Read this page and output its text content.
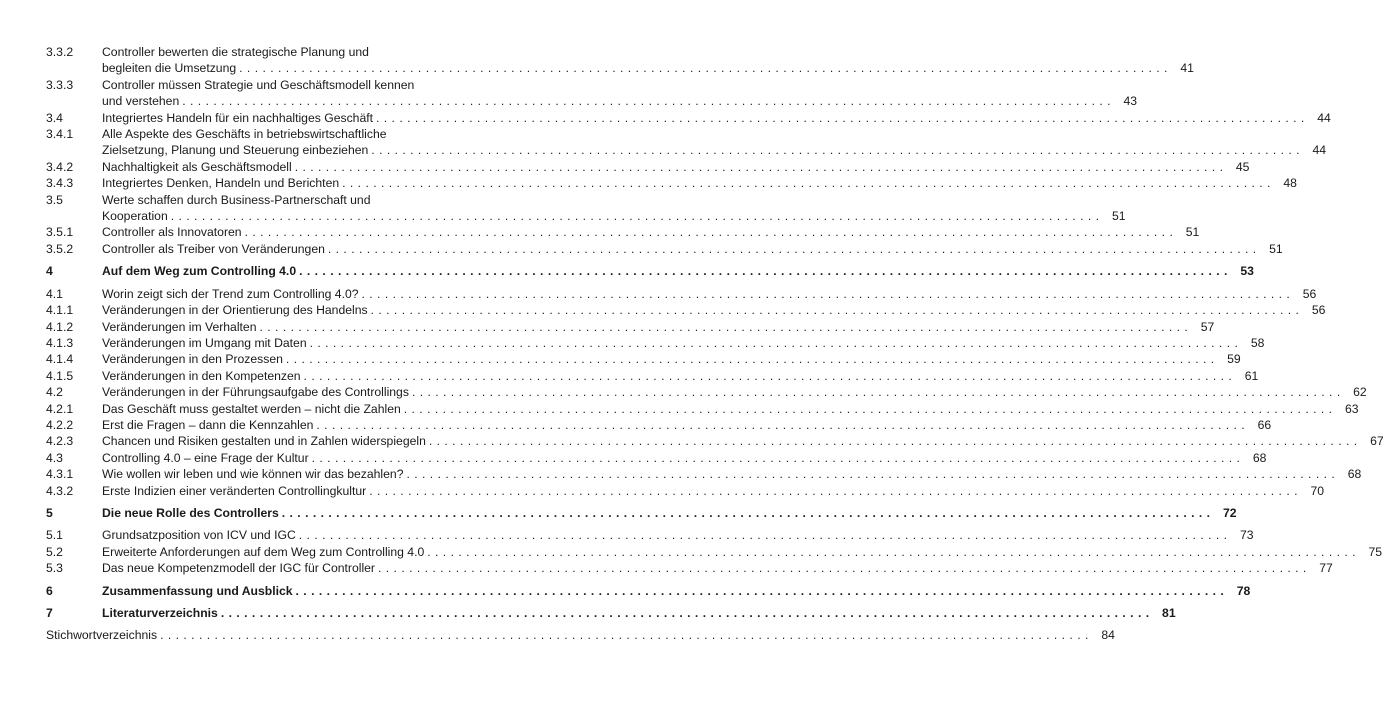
3.3.2 Controller bewerten die strategische Planung und
begleiten die Umsetzung . . . . . . . . . . . . . . . . . . . . . . . . . . . . . . . . . . . . . . . . . . . . . . . . . . . . . . . . . . . . . . . . . . . . . . . . . . . . . . . . . . . . . . . . . . . . . . . . . . . . . . . . . . . . . . . . . . . . . . . .	41
3.3.3 Controller müssen Strategie und Geschäftsmodell kennen
und verstehen . . . . . . . . . . . . . . . . . . . . . . . . . . . . . . . . . . . . . . . . . . . . . . . . . . . . . . . . . . . . . . . . . . . . . . . . . . . . . . . . . . . . . . . . . . . . . . . . . . . . . . . . . . . . . . . . . . . . . . . .	43
3.4	Integriertes Handeln für ein nachhaltiges Geschäft . . . . . . . . . . . . . . . . . . . . . . . . . . . . . . . . . . . . . . . . . . . . . . . . . . . . . . . . . . . . . . . . . . . . . . . . . . . . . . . . . . . . . . . . . . . . . . . . . . . . . . . . . . . . . . . . . . . . . . . .	44
3.4.1 Alle Aspekte des Geschäfts in betriebswirtschaftliche
Zielsetzung, Planung und Steuerung einbeziehen . . . . . . . . . . . . . . . . . . . . . . . . . . . . . . . . . . . . . . . . . . . . . . . . . . . . . . . . . . . . . . . . . . . . . . . . . . . . . . . . . . . . . . . . . . . . . . . . . . . . . . . . . . . . . . . . . . . . . . . .	44
3.4.2 Nachhaltigkeit als Geschäftsmodell . . . . . . . . . . . . . . . . . . . . . . . . . . . . . . . . . . . . . . . . . . . . . . . . . . . . . . . . . . . . . . . . . . . . . . . . . . . . . . . . . . . . . . . . . . . . . . . . . . . . . . . . . . . . . . . . . . . . . . . .	45
3.4.3 Integriertes Denken, Handeln und Berichten . . . . . . . . . . . . . . . . . . . . . . . . . . . . . . . . . . . . . . . . . . . . . . . . . . . . . . . . . . . . . . . . . . . . . . . . . . . . . . . . . . . . . . . . . . . . . . . . . . . . . . . . . . . . . . . . . . . . . . . .	48
3.5	Werte schaffen durch Business-Partnerschaft und
Kooperation . . . . . . . . . . . . . . . . . . . . . . . . . . . . . . . . . . . . . . . . . . . . . . . . . . . . . . . . . . . . . . . . . . . . . . . . . . . . . . . . . . . . . . . . . . . . . . . . . . . . . . . . . . . . . . . . . . . . . . . .	51
3.5.1 Controller als Innovatoren . . . . . . . . . . . . . . . . . . . . . . . . . . . . . . . . . . . . . . . . . . . . . . . . . . . . . . . . . . . . . . . . . . . . . . . . . . . . . . . . . . . . . . . . . . . . . . . . . . . . . . . . . . . . . . . . . . . . . . . .	51
3.5.2 Controller als Treiber von Veränderungen . . . . . . . . . . . . . . . . . . . . . . . . . . . . . . . . . . . . . . . . . . . . . . . . . . . . . . . . . . . . . . . . . . . . . . . . . . . . . . . . . . . . . . . . . . . . . . . . . . . . . . . . . . . . . . . . . . . . . . . .	51
4	Auf dem Weg zum Controlling 4.0 . . . . . . . . . . . . . . . . . . . . . . . . . . . . . . . . . . . . . . . . . . . . . . . . . . . . . . . . . . . . . . . . . . . . . . . . . . . . . . . . . . . . . . . . . . . . . . . . . . . . . . . . . . . . . . . . . . . . . . . .	53
4.1	Worin zeigt sich der Trend zum Controlling 4.0? . . . . . . . . . . . . . . . . . . . . . . . . . . . . . . . . . . . . . . . . . . . . . . . . . . . . . . . . . . . . . . . . . . . . . . . . . . . . . . . . . . . . . . . . . . . . . . . . . . . . . . . . . . . . . . . . . . . . . . . .	56
4.1.1 Veränderungen in der Orientierung des Handelns . . . . . . . . . . . . . . . . . . . . . . . . . . . . . . . . . . . . . . . . . . . . . . . . . . . . . . . . . . . . . . . . . . . . . . . . . . . . . . . . . . . . . . . . . . . . . . . . . . . . . . . . . . . . . . . . . . . . . . . .	56
4.1.2 Veränderungen im Verhalten . . . . . . . . . . . . . . . . . . . . . . . . . . . . . . . . . . . . . . . . . . . . . . . . . . . . . . . . . . . . . . . . . . . . . . . . . . . . . . . . . . . . . . . . . . . . . . . . . . . . . . . . . . . . . . . . . . . . . . . .	57
4.1.3 Veränderungen im Umgang mit Daten . . . . . . . . . . . . . . . . . . . . . . . . . . . . . . . . . . . . . . . . . . . . . . . . . . . . . . . . . . . . . . . . . . . . . . . . . . . . . . . . . . . . . . . . . . . . . . . . . . . . . . . . . . . . . . . . . . . . . . . .	58
4.1.4 Veränderungen in den Prozessen . . . . . . . . . . . . . . . . . . . . . . . . . . . . . . . . . . . . . . . . . . . . . . . . . . . . . . . . . . . . . . . . . . . . . . . . . . . . . . . . . . . . . . . . . . . . . . . . . . . . . . . . . . . . . . . . . . . . . . . .	59
4.1.5 Veränderungen in den Kompetenzen . . . . . . . . . . . . . . . . . . . . . . . . . . . . . . . . . . . . . . . . . . . . . . . . . . . . . . . . . . . . . . . . . . . . . . . . . . . . . . . . . . . . . . . . . . . . . . . . . . . . . . . . . . . . . . . . . . . . . . . .	61
4.2	Veränderungen in der Führungsaufgabe des Controllings . . . . . . . . . . . . . . . . . . . . . . . . . . . . . . . . . . . . . . . . . . . . . . . . . . . . . . . . . . . . . . . . . . . . . . . . . . . . . . . . . . . . . . . . . . . . . . . . . . . . . . . . . . . . . . . . . . . . . . . .	62
4.2.1 Das Geschäft muss gestaltet werden – nicht die Zahlen . . . . . . . . . . . . . . . . . . . . . . . . . . . . . . . . . . . . . . . . . . . . . . . . . . . . . . . . . . . . . . . . . . . . . . . . . . . . . . . . . . . . . . . . . . . . . . . . . . . . . . . . . . . . . . . . . . . . . . . .	63
4.2.2 Erst die Fragen – dann die Kennzahlen . . . . . . . . . . . . . . . . . . . . . . . . . . . . . . . . . . . . . . . . . . . . . . . . . . . . . . . . . . . . . . . . . . . . . . . . . . . . . . . . . . . . . . . . . . . . . . . . . . . . . . . . . . . . . . . . . . . . . . . .	66
4.2.3 Chancen und Risiken gestalten und in Zahlen widerspiegeln . . . . . . . . . . . . . . . . . . . . . . . . . . . . . . . . . . . . . . . . . . . . . . . . . . . . . . . . . . . . . . . . . . . . . . . . . . . . . . . . . . . . . . . . . . . . . . . . . . . . . . . . . . . . . . . . . . . . . . . .	67
4.3	Controlling 4.0 – eine Frage der Kultur . . . . . . . . . . . . . . . . . . . . . . . . . . . . . . . . . . . . . . . . . . . . . . . . . . . . . . . . . . . . . . . . . . . . . . . . . . . . . . . . . . . . . . . . . . . . . . . . . . . . . . . . . . . . . . . . . . . . . . . .	68
4.3.1 Wie wollen wir leben und wie können wir das bezahlen? . . . . . . . . . . . . . . . . . . . . . . . . . . . . . . . . . . . . . . . . . . . . . . . . . . . . . . . . . . . . . . . . . . . . . . . . . . . . . . . . . . . . . . . . . . . . . . . . . . . . . . . . . . . . . . . . . . . . . . . .	68
4.3.2 Erste Indizien einer veränderten Controllingkultur . . . . . . . . . . . . . . . . . . . . . . . . . . . . . . . . . . . . . . . . . . . . . . . . . . . . . . . . . . . . . . . . . . . . . . . . . . . . . . . . . . . . . . . . . . . . . . . . . . . . . . . . . . . . . . . . . . . . . . . .	70
5	Die neue Rolle des Controllers . . . . . . . . . . . . . . . . . . . . . . . . . . . . . . . . . . . . . . . . . . . . . . . . . . . . . . . . . . . . . . . . . . . . . . . . . . . . . . . . . . . . . . . . . . . . . . . . . . . . . . . . . . . . . . . . . . . . . . . .	72
5.1	Grundsatzposition von ICV und IGC . . . . . . . . . . . . . . . . . . . . . . . . . . . . . . . . . . . . . . . . . . . . . . . . . . . . . . . . . . . . . . . . . . . . . . . . . . . . . . . . . . . . . . . . . . . . . . . . . . . . . . . . . . . . . . . . . . . . . . . .	73
5.2	Erweiterte Anforderungen auf dem Weg zum Controlling 4.0 . . . . . . . . . . . . . . . . . . . . . . . . . . . . . . . . . . . . . . . . . . . . . . . . . . . . . . . . . . . . . . . . . . . . . . . . . . . . . . . . . . . . . . . . . . . . . . . . . . . . . . . . . . . . . . . . . . . . . . . .	75
5.3	Das neue Kompetenzmodell der IGC für Controller . . . . . . . . . . . . . . . . . . . . . . . . . . . . . . . . . . . . . . . . . . . . . . . . . . . . . . . . . . . . . . . . . . . . . . . . . . . . . . . . . . . . . . . . . . . . . . . . . . . . . . . . . . . . . . . . . . . . . . . .	77
6	Zusammenfassung und Ausblick . . . . . . . . . . . . . . . . . . . . . . . . . . . . . . . . . . . . . . . . . . . . . . . . . . . . . . . . . . . . . . . . . . . . . . . . . . . . . . . . . . . . . . . . . . . . . . . . . . . . . . . . . . . . . . . . . . . . . . . .	78
7	Literaturverzeichnis . . . . . . . . . . . . . . . . . . . . . . . . . . . . . . . . . . . . . . . . . . . . . . . . . . . . . . . . . . . . . . . . . . . . . . . . . . . . . . . . . . . . . . . . . . . . . . . . . . . . . . . . . . . . . . . . . . . . . . . .	81
Stichwortverzeichnis . . . . . . . . . . . . . . . . . . . . . . . . . . . . . . . . . . . . . . . . . . . . . . . . . . . . . . . . . . . . . . . . . . . . . . . . . . . . . . . . . . . . . . . . . . . . . . . . . . . . . . . . . . . . . . . . . . . . . . . .	84
